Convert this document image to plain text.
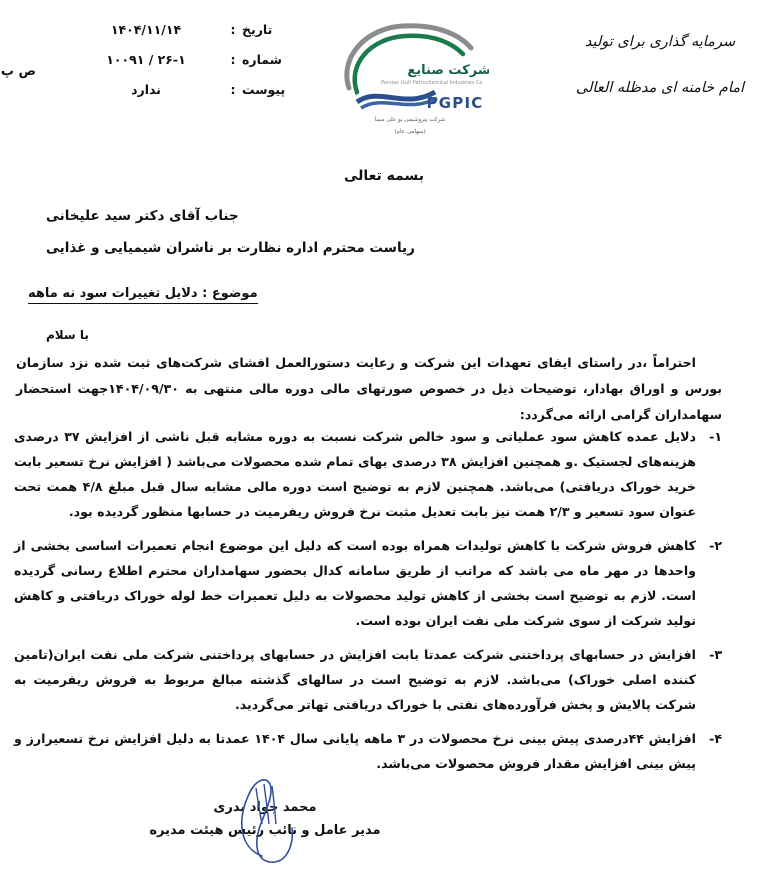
سرمایه گذاری برای تولید
امام خامنه ای مدظله العالی
شرکت صنایع
Persian Gulf Petrochemical Industries Co.
PGPIC
شرکت پتروشیمی بو علی سینا
(سهامی عام)
تاریخ
:
۱۴۰۴/۱۱/۱۴
شماره
:
۲۶-۱ / ۱۰۰۹۱
پیوست
:
ندارد
ص پ
بسمه تعالی
جناب آقای دکتر سید علیخانی
ریاست محترم اداره نظارت بر ناشران شیمیایی و غذایی
موضوع : دلایل تغییرات سود نه ماهه
با سلام
احتراماً ،در راستای ایفای تعهدات این شرکت و رعایت دستورالعمل افشای شرکت‌های ثبت شده نزد سازمان بورس و اوراق بهادار، توضیحات ذیل در خصوص صورتهای مالی دوره مالی منتهی به ۱۴۰۴/۰۹/۳۰جهت استحضار سهامداران گرامی ارائه می‌گردد:
۱-
دلایل عمده کاهش سود عملیاتی و سود خالص شرکت نسبت به دوره مشابه قبل ناشی از افزایش ۳۷ درصدی هزینه‌های لجستیک .و همچنین افزایش ۳۸ درصدی بهای تمام شده محصولات می‌باشد ( افزایش نرخ تسعیر بابت خرید خوراک دریافتی) می‌باشد. همچنین لازم به توضیح است دوره مالی مشابه سال قبل مبلغ ۴/۸ همت تحت عنوان سود تسعیر و ۲/۳ همت نیز بابت تعدیل مثبت نرخ فروش ریفرمیت در حسابها منظور گردیده بود.
۲-
کاهش فروش شرکت با کاهش تولیدات همراه بوده است که دلیل این موضوع انجام تعمیرات اساسی بخشی از واحدها در مهر ماه می باشد که مراتب از طریق سامانه کدال بحضور سهامداران محترم اطلاع رسانی گردیده است. لازم به توضیح است بخشی از کاهش تولید محصولات به دلیل تعمیرات خط لوله خوراک دریافتی و کاهش تولید شرکت از سوی شرکت ملی نفت ایران بوده است.
۳-
افزایش در حسابهای پرداختنی شرکت عمدتا بابت افزایش در حسابهای پرداختنی شرکت ملی نفت ایران(تامین کننده اصلی خوراک) می‌باشد. لازم به توضیح است در سالهای گذشته مبالغ مربوط به فروش ریفرمیت به شرکت پالایش و پخش فرآورده‌های نفتی با خوراک دریافتی تهاتر می‌گردید.
۴-
افزایش ۴۴درصدی پیش بینی نرخ محصولات در ۳ ماهه پایانی سال ۱۴۰۴ عمدتا به دلیل افزایش نرخ تسعیرارز و پیش بینی افزایش مقدار فروش محصولات می‌باشد.
محمد جواد بدری
مدیر عامل و نائب رئیس هیئت مدیره
